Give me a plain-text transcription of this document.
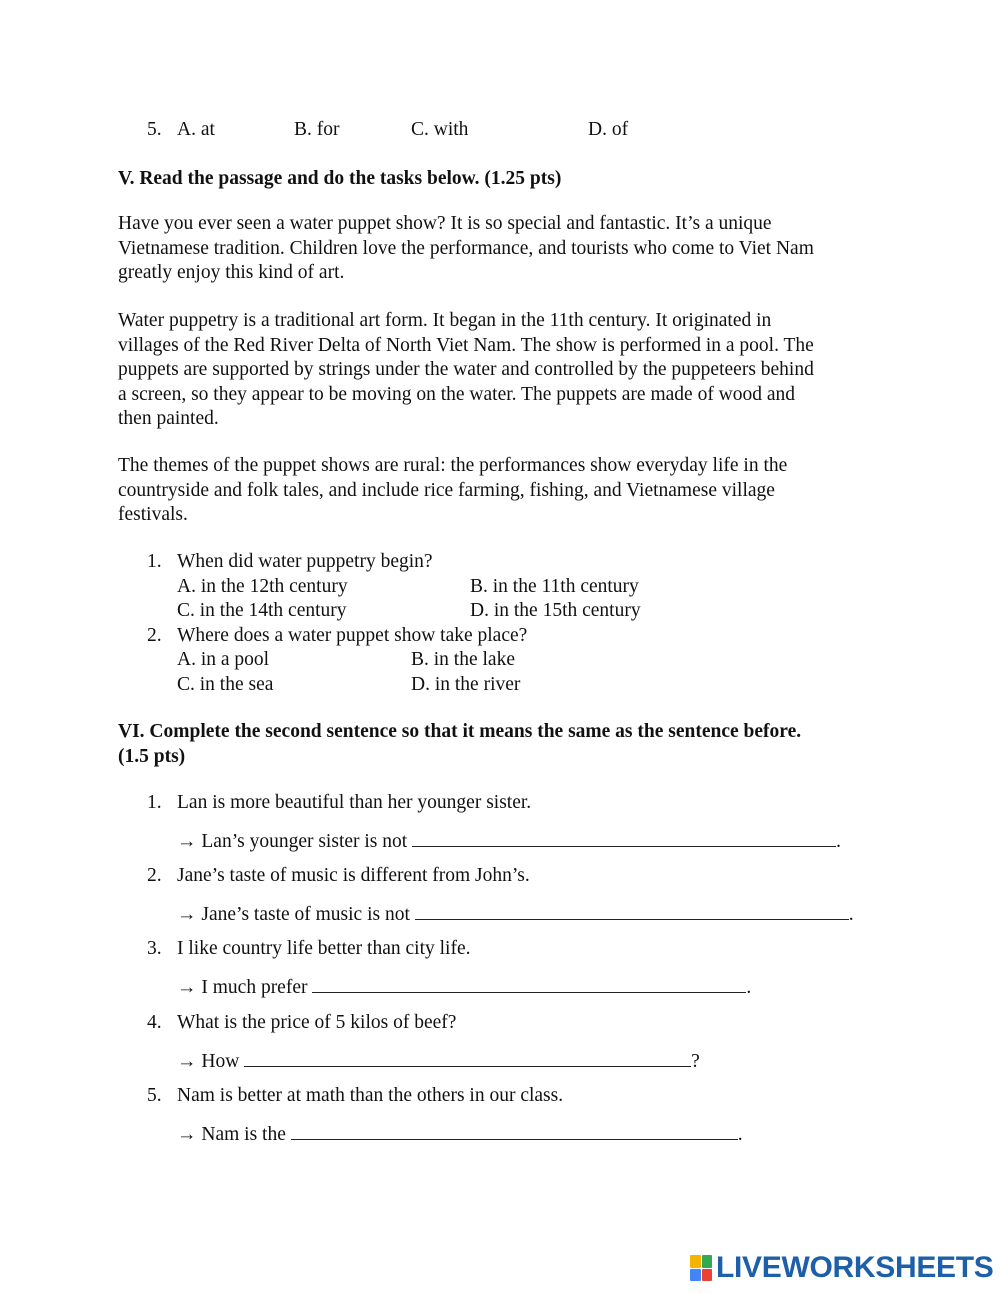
5. A. at	B. for	C. with	D. of
V. Read the passage and do the tasks below. (1.25 pts)
Have you ever seen a water puppet show? It is so special and fantastic. It’s a unique
Vietnamese tradition. Children love the performance, and tourists who come to Viet Nam
greatly enjoy this kind of art.
Water puppetry is a traditional art form. It began in the 11th century. It originated in
villages of the Red River Delta of North Viet Nam. The show is performed in a pool. The
puppets are supported by strings under the water and controlled by the puppeteers behind
a screen, so they appear to be moving on the water. The puppets are made of wood and
then painted.
The themes of the puppet shows are rural: the performances show everyday life in the
countryside and folk tales, and include rice farming, fishing, and Vietnamese village
festivals.
1. When did water puppetry begin?
A. in the 12th century	B. in the 11th century
C. in the 14th century	D. in the 15th century
2. Where does a water puppet show take place?
A. in a pool	B. in the lake
C. in the sea	D. in the river
VI. Complete the second sentence so that it means the same as the sentence before.
(1.5 pts)
1. Lan is more beautiful than her younger sister.
→ Lan’s younger sister is not	.
2. Jane’s taste of music is different from John’s.
→ Jane’s taste of music is not	.
3. I like country life better than city life.
→ I much prefer	.
4. What is the price of 5 kilos of beef?
→ How	?
5. Nam is better at math than the others in our class.
→ Nam is the	.
LIVEWORKSHEETS
